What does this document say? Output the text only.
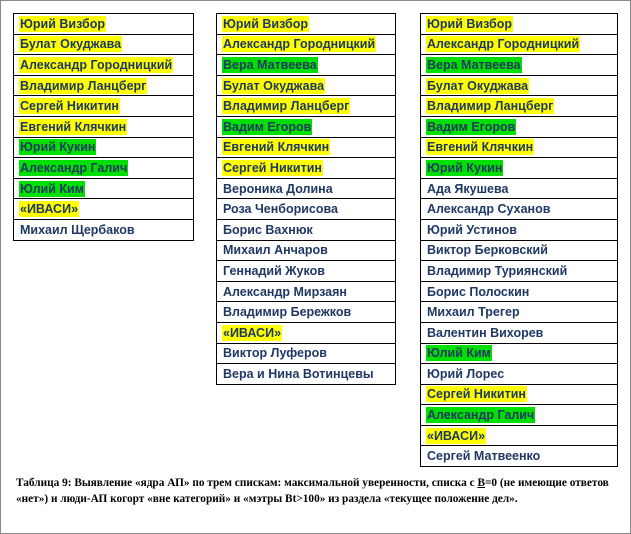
Юрий Визбор
Булат Окуджава
Александр Городницкий
Владимир Ланцберг
Сергей Никитин
Евгений Клячкин
Юрий Кукин
Александр Галич
Юлий Ким
«ИВАСИ»
Михаил Щербаков
Юрий Визбор
Александр Городницкий
Вера Матвеева
Булат Окуджава
Владимир Ланцберг
Вадим Егоров
Евгений Клячкин
Сергей Никитин
Вероника Долина
Роза Ченборисова
Борис Вахнюк
Михаил Анчаров
Геннадий Жуков
Александр Мирзаян
Владимир Бережков
«ИВАСИ»
Виктор Луферов
Вера и Нина Вотинцевы
Юрий Визбор
Александр Городницкий
Вера Матвеева
Булат Окуджава
Владимир Ланцберг
Вадим Егоров
Евгений Клячкин
Юрий Кукин
Ада Якушева
Александр Суханов
Юрий Устинов
Виктор Берковский
Владимир Туриянский
Борис Полоскин
Михаил Трегер
Валентин Вихорев
Юлий Ким
Юрий Лорес
Сергей Никитин
Александр Галич
«ИВАСИ»
Сергей Матвеенко
Таблица 9: Выявление «ядра АП» по трем спискам: максимальной уверенности, списка с В=0 (не имеющие ответов «нет») и люди-АП когорт «вне категорий» и «мэтры Bt>100» из раздела «текущее положение дел».
